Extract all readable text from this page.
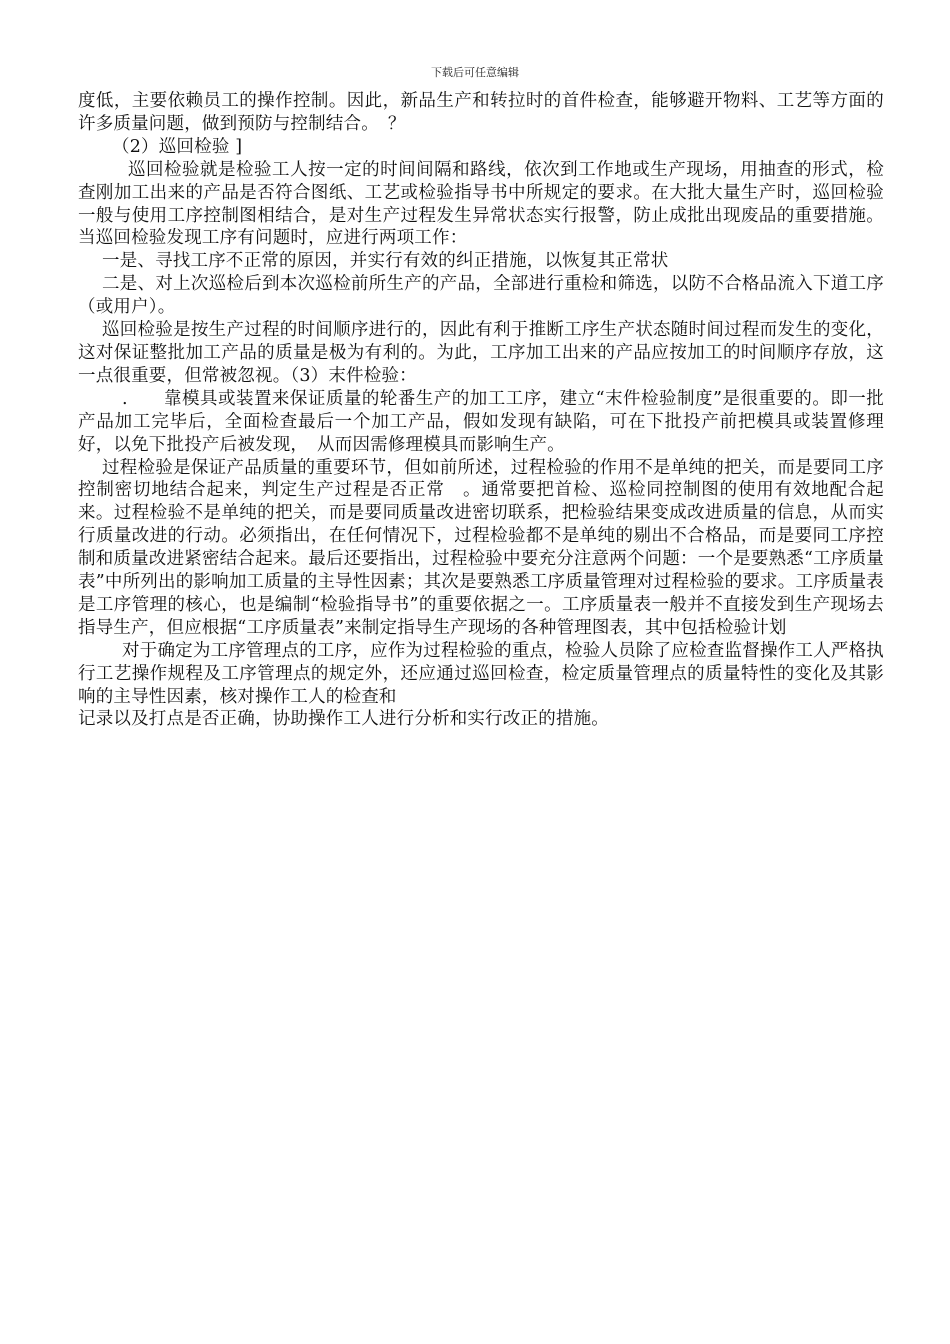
下载后可任意编辑

度低，主要依赖员工的操作控制。因此，新品生产和转拉时的首件检查，能够避开物料、工艺等方面的许多质量问题，做到预防与控制结合。　？

（2）巡回检验 ]

巡回检验就是检验工人按一定的时间间隔和路线，依次到工作地或生产现场，用抽查的形式，检查刚加工出来的产品是否符合图纸、工艺或检验指导书中所规定的要求。在大批大量生产时，巡回检验一般与使用工序控制图相结合，是对生产过程发生异常状态实行报警，防止成批出现废品的重要措施。当巡回检验发现工序有问题时，应进行两项工作：

一是、寻找工序不正常的原因，并实行有效的纠正措施，以恢复其正常状

二是、对上次巡检后到本次巡检前所生产的产品，全部进行重检和筛选，以防不合格品流入下道工序（或用户）。

巡回检验是按生产过程的时间顺序进行的，因此有利于推断工序生产状态随时间过程而发生的变化，这对保证整批加工产品的质量是极为有利的。为此，工序加工出来的产品应按加工的时间顺序存放，这一点很重要，但常被忽视。（3）末件检验：

.　　靠模具或装置来保证质量的轮番生产的加工工序，建立“末件检验制度”是很重要的。即一批产品加工完毕后，全面检查最后一个加工产品，假如发现有缺陷，可在下批投产前把模具或装置修理好，以免下批投产后被发现，　从而因需修理模具而影响生产。

过程检验是保证产品质量的重要环节，但如前所述，过程检验的作用不是单纯的把关，而是要同工序控制密切地结合起来，判定生产过程是否正常　。通常要把首检、巡检同控制图的使用有效地配合起来。过程检验不是单纯的把关，而是要同质量改进密切联系，把检验结果变成改进质量的信息，从而实行质量改进的行动。必须指出，在任何情况下，过程检验都不是单纯的剔出不合格品，而是要同工序控制和质量改进紧密结合起来。最后还要指出，过程检验中要充分注意两个问题：一个是要熟悉“工序质量表”中所列出的影响加工质量的主导性因素；其次是要熟悉工序质量管理对过程检验的要求。工序质量表是工序管理的核心，也是编制“检验指导书”的重要依据之一。工序质量表一般并不直接发到生产现场去指导生产，但应根据“工序质量表”来制定指导生产现场的各种管理图表，其中包括检验计划

对于确定为工序管理点的工序，应作为过程检验的重点，检验人员除了应检查监督操作工人严格执行工艺操作规程及工序管理点的规定外，还应通过巡回检查，检定质量管理点的质量特性的变化及其影响的主导性因素，核对操作工人的检查和

记录以及打点是否正确，协助操作工人进行分析和实行改正的措施。
